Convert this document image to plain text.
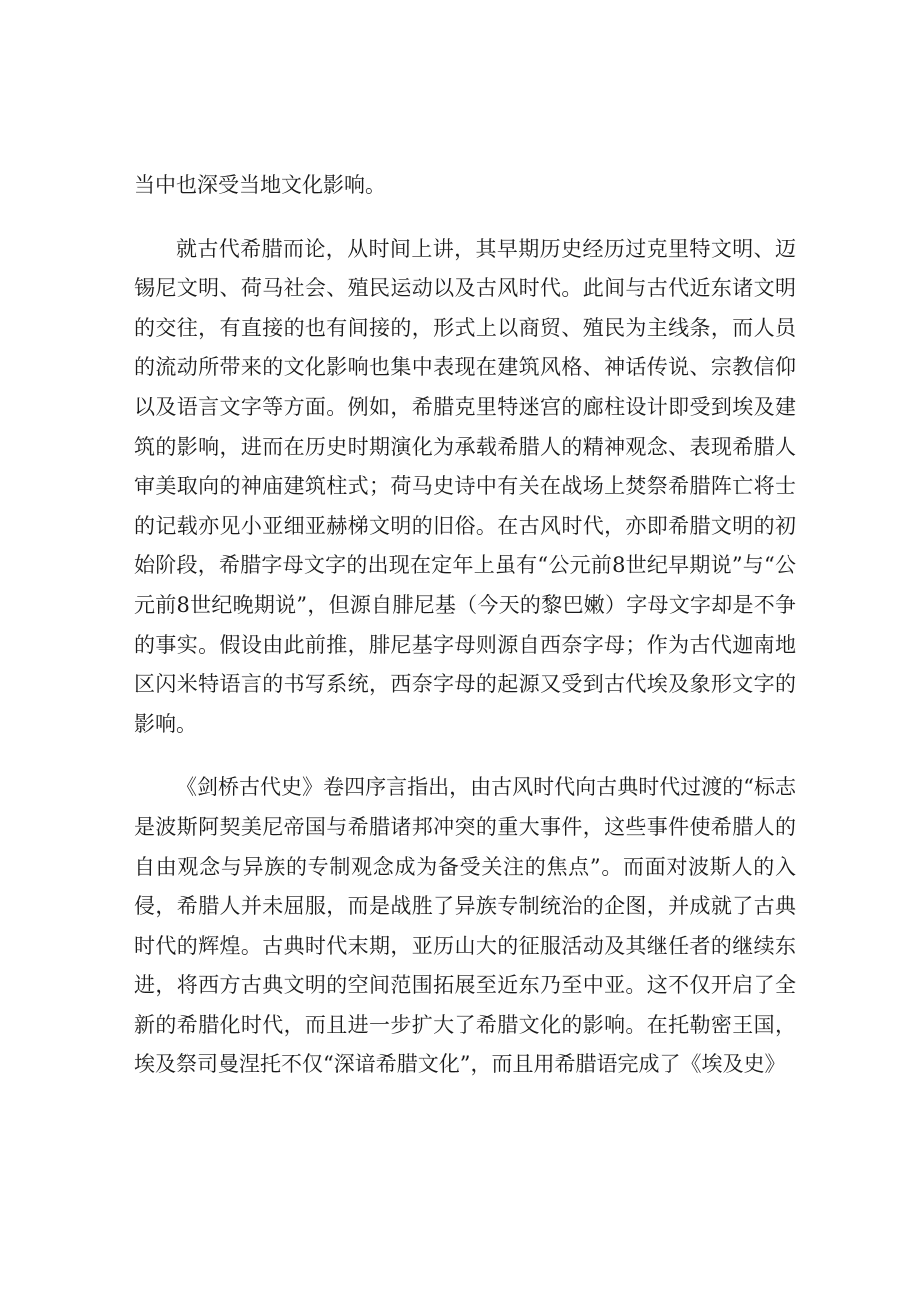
当中也深受当地文化影响。

就古代希腊而论，从时间上讲，其早期历史经历过克里特文明、迈锡尼文明、荷马社会、殖民运动以及古风时代。此间与古代近东诸文明的交往，有直接的也有间接的，形式上以商贸、殖民为主线条，而人员的流动所带来的文化影响也集中表现在建筑风格、神话传说、宗教信仰以及语言文字等方面。例如，希腊克里特迷宫的廊柱设计即受到埃及建筑的影响，进而在历史时期演化为承载希腊人的精神观念、表现希腊人审美取向的神庙建筑柱式；荷马史诗中有关在战场上焚祭希腊阵亡将士的记载亦见小亚细亚赫梯文明的旧俗。在古风时代，亦即希腊文明的初始阶段，希腊字母文字的出现在定年上虽有“公元前8世纪早期说”与“公元前8世纪晚期说”，但源自腓尼基（今天的黎巴嫩）字母文字却是不争的事实。假设由此前推，腓尼基字母则源自西奈字母；作为古代迦南地区闪米特语言的书写系统，西奈字母的起源又受到古代埃及象形文字的影响。

《剑桥古代史》卷四序言指出，由古风时代向古典时代过渡的“标志是波斯阿契美尼帝国与希腊诸邦冲突的重大事件，这些事件使希腊人的自由观念与异族的专制观念成为备受关注的焦点”。而面对波斯人的入侵，希腊人并未屈服，而是战胜了异族专制统治的企图，并成就了古典时代的辉煌。古典时代末期，亚历山大的征服活动及其继任者的继续东进，将西方古典文明的空间范围拓展至近东乃至中亚。这不仅开启了全新的希腊化时代，而且进一步扩大了希腊文化的影响。在托勒密王国，埃及祭司曼涅托不仅“深谙希腊文化”，而且用希腊语完成了《埃及史》
